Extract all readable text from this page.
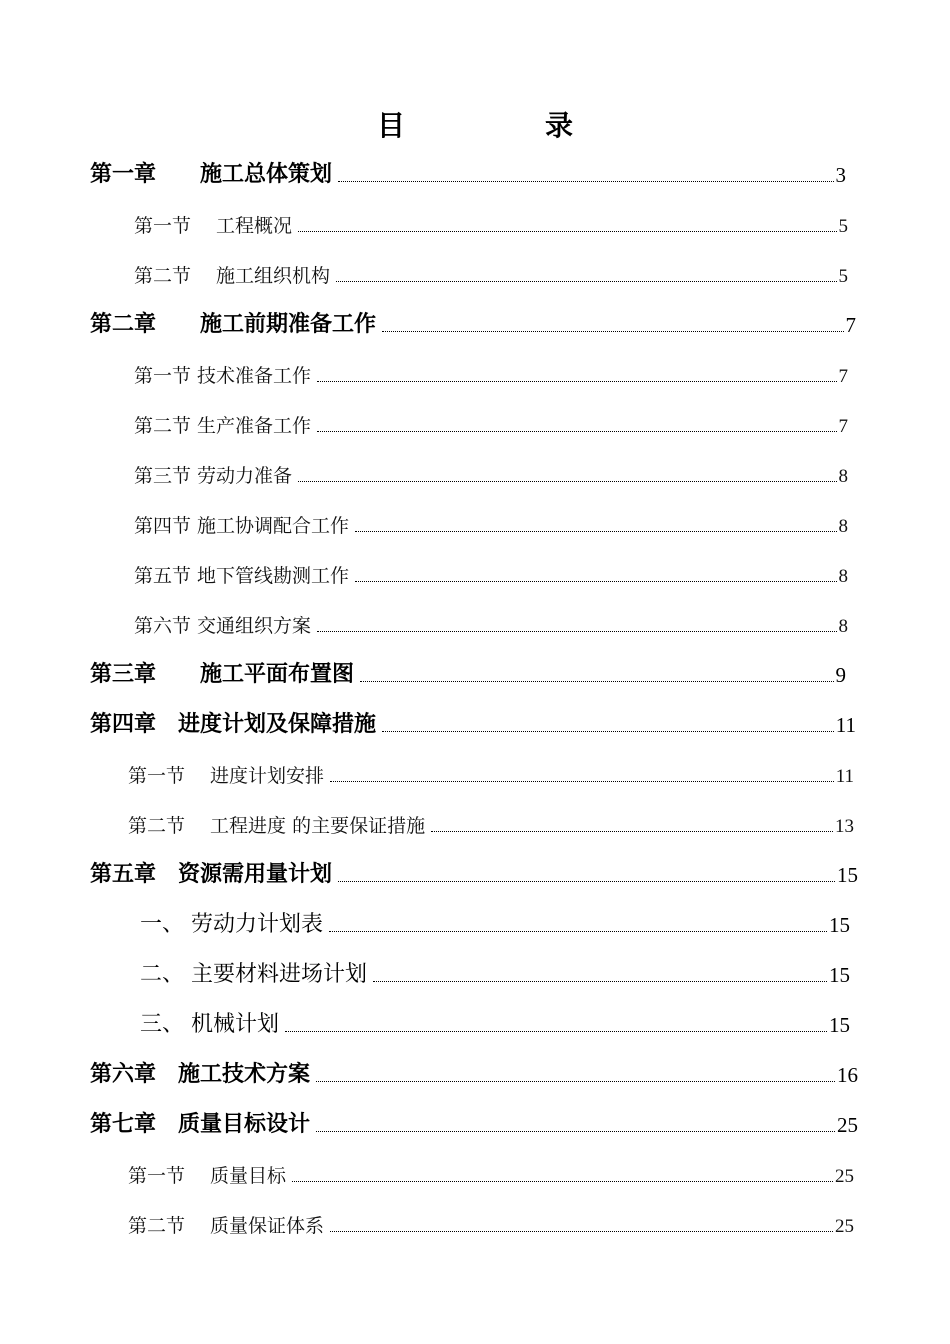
目　录
第一章　　施工总体策划	3
第一节　 工程概况	5
第二节　 施工组织机构	5
第二章　　施工前期准备工作	7
第一节 技术准备工作	7
第二节 生产准备工作	7
第三节 劳动力准备	8
第四节 施工协调配合工作	8
第五节 地下管线勘测工作	8
第六节 交通组织方案	8
第三章　　施工平面布置图	9
第四章　进度计划及保障措施	11
第一节　 进度计划安排	11
第二节　 工程进度 的主要保证措施	13
第五章　资源需用量计划	15
一、 劳动力计划表	15
二、 主要材料进场计划	15
三、 机械计划	15
第六章　施工技术方案	16
第七章　质量目标设计	25
第一节　 质量目标	25
第二节　 质量保证体系	25
